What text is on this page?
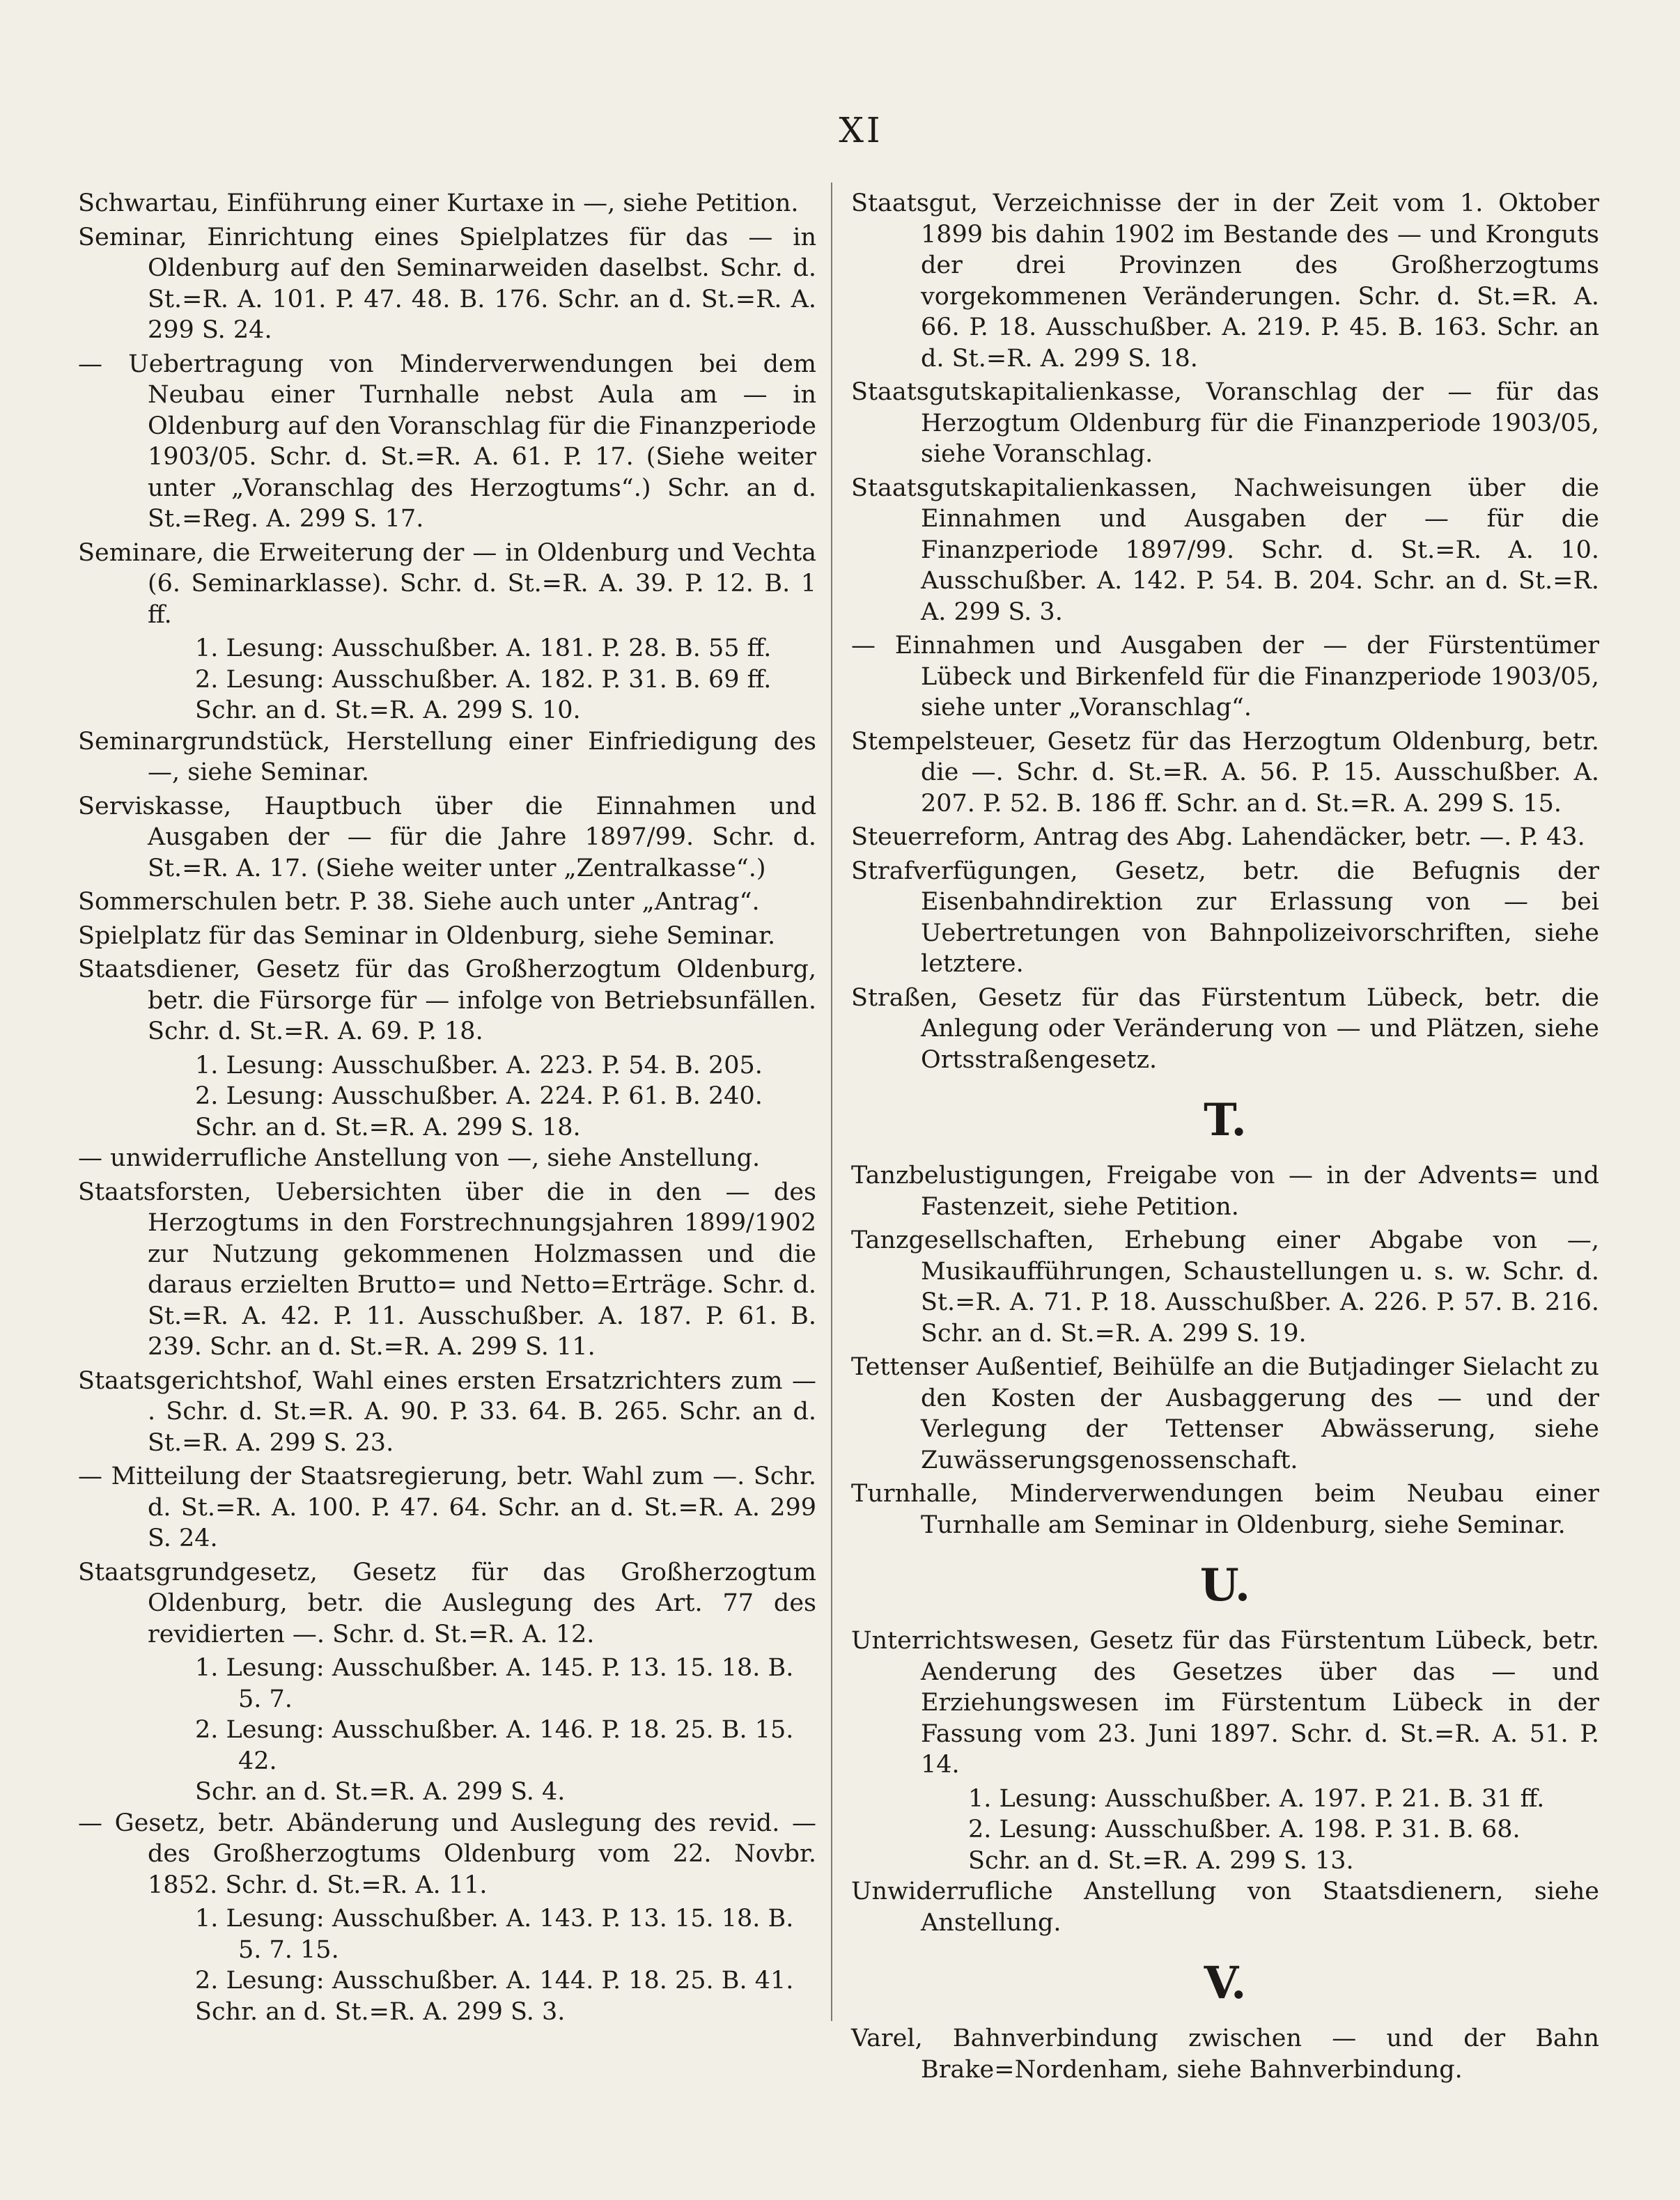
XI

Schwartau, Einführung einer Kurtaxe in —, siehe Petition.

Seminar, Einrichtung eines Spielplatzes für das — in Oldenburg auf den Seminarweiden daselbst. Schr. d. St.=R. A. 101. P. 47. 48. B. 176. Schr. an d. St.=R. A. 299 S. 24.

— Uebertragung von Minderverwendungen bei dem Neubau einer Turnhalle nebst Aula am — in Oldenburg auf den Voranschlag für die Finanzperiode 1903/05. Schr. d. St.=R. A. 61. P. 17. (Siehe weiter unter „Voranschlag des Herzogtums“.) Schr. an d. St.=Reg. A. 299 S. 17.

Seminare, die Erweiterung der — in Oldenburg und Vechta (6. Seminarklasse). Schr. d. St.=R. A. 39. P. 12. B. 1 ff.

1. Lesung: Ausschußber. A. 181. P. 28. B. 55 ff.

2. Lesung: Ausschußber. A. 182. P. 31. B. 69 ff.

Schr. an d. St.=R. A. 299 S. 10.

Seminargrundstück, Herstellung einer Einfriedigung des —, siehe Seminar.

Serviskasse, Hauptbuch über die Einnahmen und Ausgaben der — für die Jahre 1897/99. Schr. d. St.=R. A. 17. (Siehe weiter unter „Zentralkasse“.)

Sommerschulen betr. P. 38. Siehe auch unter „Antrag“.

Spielplatz für das Seminar in Oldenburg, siehe Seminar.

Staatsdiener, Gesetz für das Großherzogtum Oldenburg, betr. die Fürsorge für — infolge von Betriebsunfällen. Schr. d. St.=R. A. 69. P. 18.

1. Lesung: Ausschußber. A. 223. P. 54. B. 205.

2. Lesung: Ausschußber. A. 224. P. 61. B. 240.

Schr. an d. St.=R. A. 299 S. 18.

— unwiderrufliche Anstellung von —, siehe Anstellung.

Staatsforsten, Uebersichten über die in den — des Herzogtums in den Forstrechnungsjahren 1899/1902 zur Nutzung gekommenen Holzmassen und die daraus erzielten Brutto= und Netto=Erträge. Schr. d. St.=R. A. 42. P. 11. Ausschußber. A. 187. P. 61. B. 239. Schr. an d. St.=R. A. 299 S. 11.

Staatsgerichtshof, Wahl eines ersten Ersatzrichters zum — . Schr. d. St.=R. A. 90. P. 33. 64. B. 265. Schr. an d. St.=R. A. 299 S. 23.

— Mitteilung der Staatsregierung, betr. Wahl zum —. Schr. d. St.=R. A. 100. P. 47. 64. Schr. an d. St.=R. A. 299 S. 24.

Staatsgrundgesetz, Gesetz für das Großherzogtum Oldenburg, betr. die Auslegung des Art. 77 des revidierten —. Schr. d. St.=R. A. 12.

1. Lesung: Ausschußber. A. 145. P. 13. 15. 18. B. 5. 7.

2. Lesung: Ausschußber. A. 146. P. 18. 25. B. 15. 42.

Schr. an d. St.=R. A. 299 S. 4.

— Gesetz, betr. Abänderung und Auslegung des revid. — des Großherzogtums Oldenburg vom 22. Novbr. 1852. Schr. d. St.=R. A. 11.

1. Lesung: Ausschußber. A. 143. P. 13. 15. 18. B. 5. 7. 15.

2. Lesung: Ausschußber. A. 144. P. 18. 25. B. 41.

Schr. an d. St.=R. A. 299 S. 3.

Staatsgut, Verzeichnisse der in der Zeit vom 1. Oktober 1899 bis dahin 1902 im Bestande des — und Kronguts der drei Provinzen des Großherzogtums vorgekommenen Veränderungen. Schr. d. St.=R. A. 66. P. 18. Ausschußber. A. 219. P. 45. B. 163. Schr. an d. St.=R. A. 299 S. 18.

Staatsgutskapitalienkasse, Voranschlag der — für das Herzogtum Oldenburg für die Finanzperiode 1903/05, siehe Voranschlag.

Staatsgutskapitalienkassen, Nachweisungen über die Einnahmen und Ausgaben der — für die Finanzperiode 1897/99. Schr. d. St.=R. A. 10. Ausschußber. A. 142. P. 54. B. 204. Schr. an d. St.=R. A. 299 S. 3.

— Einnahmen und Ausgaben der — der Fürstentümer Lübeck und Birkenfeld für die Finanzperiode 1903/05, siehe unter „Voranschlag“.

Stempelsteuer, Gesetz für das Herzogtum Oldenburg, betr. die —. Schr. d. St.=R. A. 56. P. 15. Ausschußber. A. 207. P. 52. B. 186 ff. Schr. an d. St.=R. A. 299 S. 15.

Steuerreform, Antrag des Abg. Lahendäcker, betr. —. P. 43.

Strafverfügungen, Gesetz, betr. die Befugnis der Eisenbahndirektion zur Erlassung von — bei Uebertretungen von Bahnpolizeivorschriften, siehe letztere.

Straßen, Gesetz für das Fürstentum Lübeck, betr. die Anlegung oder Veränderung von — und Plätzen, siehe Ortsstraßengesetz.

T.

Tanzbelustigungen, Freigabe von — in der Advents= und Fastenzeit, siehe Petition.

Tanzgesellschaften, Erhebung einer Abgabe von —, Musikaufführungen, Schaustellungen u. s. w. Schr. d. St.=R. A. 71. P. 18. Ausschußber. A. 226. P. 57. B. 216. Schr. an d. St.=R. A. 299 S. 19.

Tettenser Außentief, Beihülfe an die Butjadinger Sielacht zu den Kosten der Ausbaggerung des — und der Verlegung der Tettenser Abwässerung, siehe Zuwässerungsgenossenschaft.

Turnhalle, Minderverwendungen beim Neubau einer Turnhalle am Seminar in Oldenburg, siehe Seminar.

U.

Unterrichtswesen, Gesetz für das Fürstentum Lübeck, betr. Aenderung des Gesetzes über das — und Erziehungswesen im Fürstentum Lübeck in der Fassung vom 23. Juni 1897. Schr. d. St.=R. A. 51. P. 14.

1. Lesung: Ausschußber. A. 197. P. 21. B. 31 ff.

2. Lesung: Ausschußber. A. 198. P. 31. B. 68.

Schr. an d. St.=R. A. 299 S. 13.

Unwiderrufliche Anstellung von Staatsdienern, siehe Anstellung.

V.

Varel, Bahnverbindung zwischen — und der Bahn Brake=Nordenham, siehe Bahnverbindung.
